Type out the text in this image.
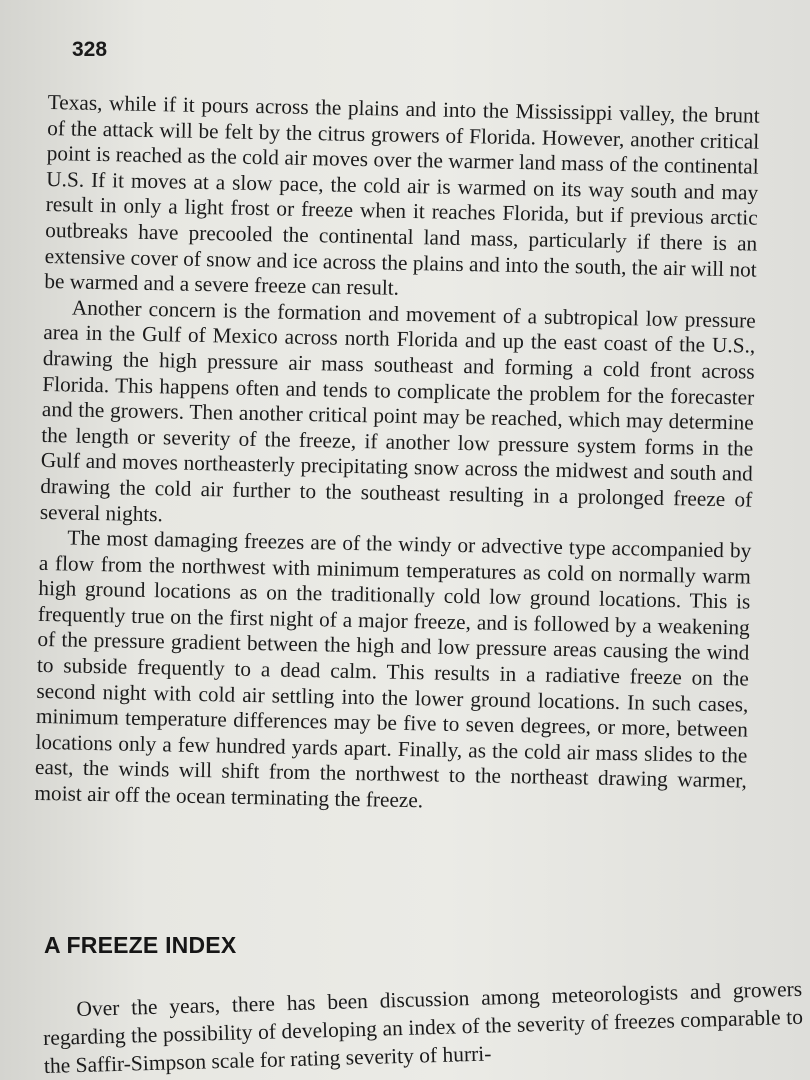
328

Texas, while if it pours across the plains and into the Mississippi valley, the brunt of the attack will be felt by the citrus growers of Florida. However, another critical point is reached as the cold air moves over the warmer land mass of the continental U.S. If it moves at a slow pace, the cold air is warmed on its way south and may result in only a light frost or freeze when it reaches Florida, but if previous arctic outbreaks have precooled the continental land mass, particularly if there is an extensive cover of snow and ice across the plains and into the south, the air will not be warmed and a severe freeze can result.

Another concern is the formation and movement of a subtropical low pressure area in the Gulf of Mexico across north Florida and up the east coast of the U.S., drawing the high pressure air mass southeast and forming a cold front across Florida. This happens often and tends to complicate the problem for the forecaster and the growers. Then another critical point may be reached, which may determine the length or severity of the freeze, if another low pressure system forms in the Gulf and moves northeasterly precipitating snow across the midwest and south and drawing the cold air further to the southeast resulting in a prolonged freeze of several nights.

The most damaging freezes are of the windy or advective type accompanied by a flow from the northwest with minimum temperatures as cold on normally warm high ground locations as on the traditionally cold low ground locations. This is frequently true on the first night of a major freeze, and is followed by a weakening of the pressure gradient between the high and low pressure areas causing the wind to subside frequently to a dead calm. This results in a radiative freeze on the second night with cold air settling into the lower ground locations. In such cases, minimum temperature differences may be five to seven degrees, or more, between locations only a few hundred yards apart. Finally, as the cold air mass slides to the east, the winds will shift from the northwest to the northeast drawing warmer, moist air off the ocean terminating the freeze.

A FREEZE INDEX

Over the years, there has been discussion among meteorologists and growers regarding the possibility of developing an index of the severity of freezes comparable to the Saffir-Simpson scale for rating severity of hurri-
